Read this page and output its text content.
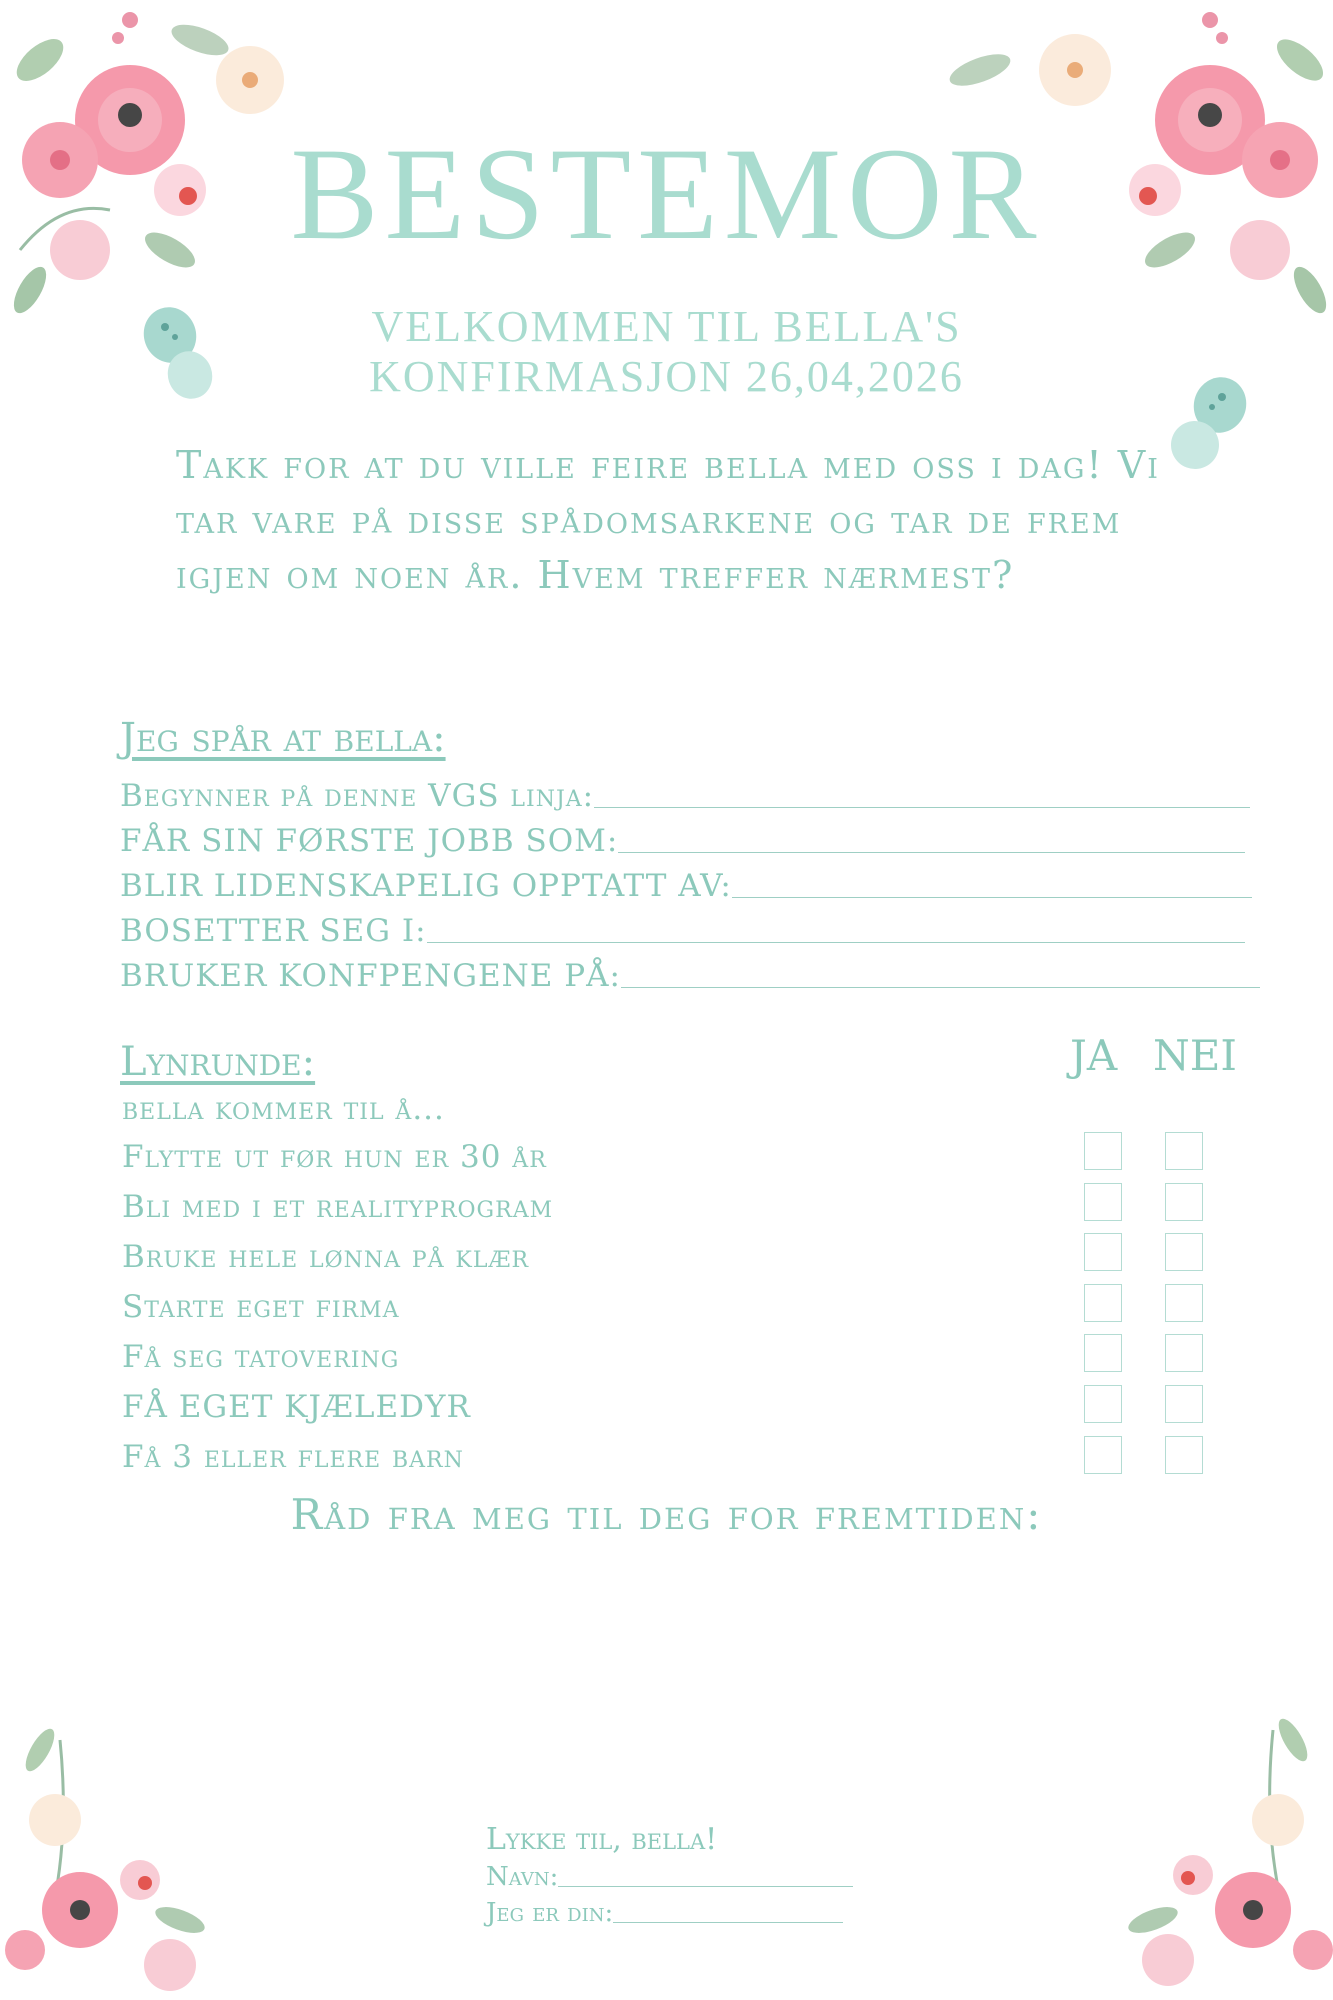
BESTEMOR
VELKOMMEN TIL BELLA'S
KONFIRMASJON 26,04,2026
Takk for at du ville feire bella med oss i dag! Vi tar vare på disse spådomsarkene og tar de frem igjen om noen år. Hvem treffer nærmest?
Jeg spår at bella:
Begynner på denne VGS linja:
FÅR SIN FØRSTE JOBB SOM:
BLIR LIDENSKAPELIG OPPTATT AV:
BOSETTER SEG I:
BRUKER KONFPENGENE PÅ:
Lynrunde:	JA NEI
bella kommer til å...
Flytte ut før hun er 30 år
Bli med i et realityprogram
Bruke hele lønna på klær
Starte eget firma
Få seg tatovering
FÅ EGET KJÆLEDYR
Få 3 eller flere barn
Råd fra meg til deg for fremtiden:
Lykke til, bella!
Navn:
Jeg er din:
